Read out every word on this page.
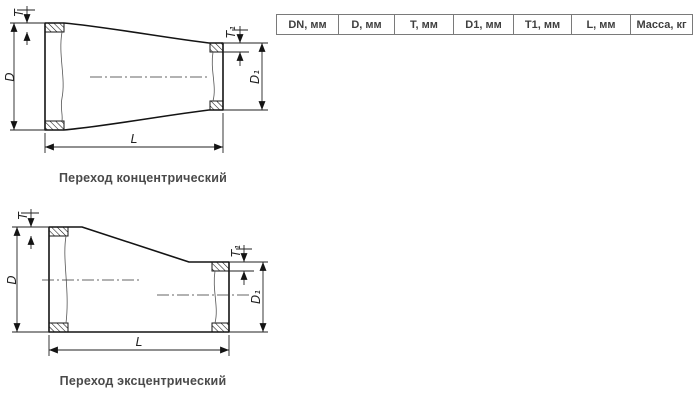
D
T
T₁
D₁
L
Переход концентрический
D
T
T₁
D₁
L
Переход эксцентрический
DN, мм	D, мм	T, мм	D1, мм	T1, мм	L, мм	Масса, кг
